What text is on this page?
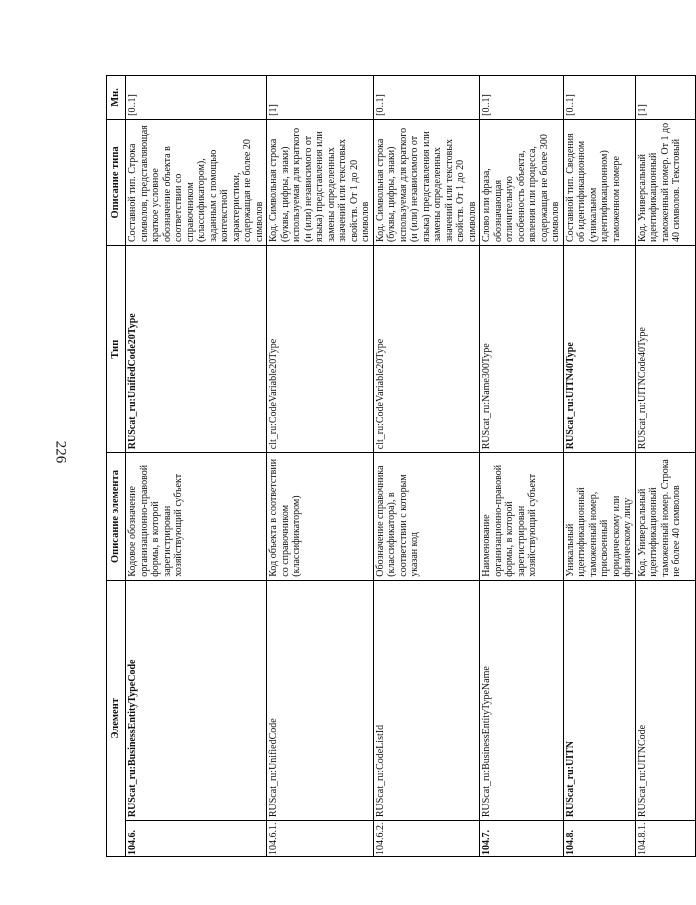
226
Элемент		Описание элемента	Тип	Описание типа	Мн.
104.6.	RUScat_ru:BusinessEntityTypeCode	Кодовое обозначение организационно-правовой формы, в которой зарегистрирован хозяйствующий субъект	RUScat_ru:UnifiedCode20Type	Составной тип. Строка символов, представляющая краткое условное обозначение объекта в соответствии со справочником (классификатором), заданным с помощью контекстной характеристики, содержащая не более 20 символов	[0..1]
104.6.1.	RUScat_ru:UnifiedCode	Код объекта в соответствии со справочником (классификатором)	clt_ru:CodeVariable20Type	Код. Символьная строка (буквы, цифры, знаки) используемая для краткого (и (или) независимого от языка) представления или замены определенных значений или текстовых свойств. От 1 до 20 символов	[1]
104.6.2.	RUScat_ru:CodeListId	Обозначение справочника (классификатора), в соответствии с которым указан код	clt_ru:CodeVariable20Type	Код. Символьная строка (буквы, цифры, знаки) используемая для краткого (и (или) независимого от языка) представления или замены определенных значений или текстовых свойств. От 1 до 20 символов	[0..1]
104.7.	RUScat_ru:BusinessEntityTypeName	Наименование организационно-правовой формы, в которой зарегистрирован хозяйствующий субъект	RUScat_ru:Name300Type	Слово или фраза, обозначающая отличительную особенность объекта, явления или процесса, содержащая не более 300 символов	[0..1]
104.8.	RUScat_ru:UITN	Уникальный идентификационный таможенный номер, присвоенный юридическому или физическому лицу	RUScat_ru:UITN40Type	Составной тип. Сведения об идентификационном (уникальном идентификационном) таможенном номере	[0..1]
104.8.1.	RUScat_ru:UITNCode	Код. Универсальный идентификационный таможенный номер. Строка не более 40 символов	RUScat_ru:UITNCode40Type	Код. Универсальный идентификационный таможенный номер. От 1 до 40 символов. Текстовый	[1]
